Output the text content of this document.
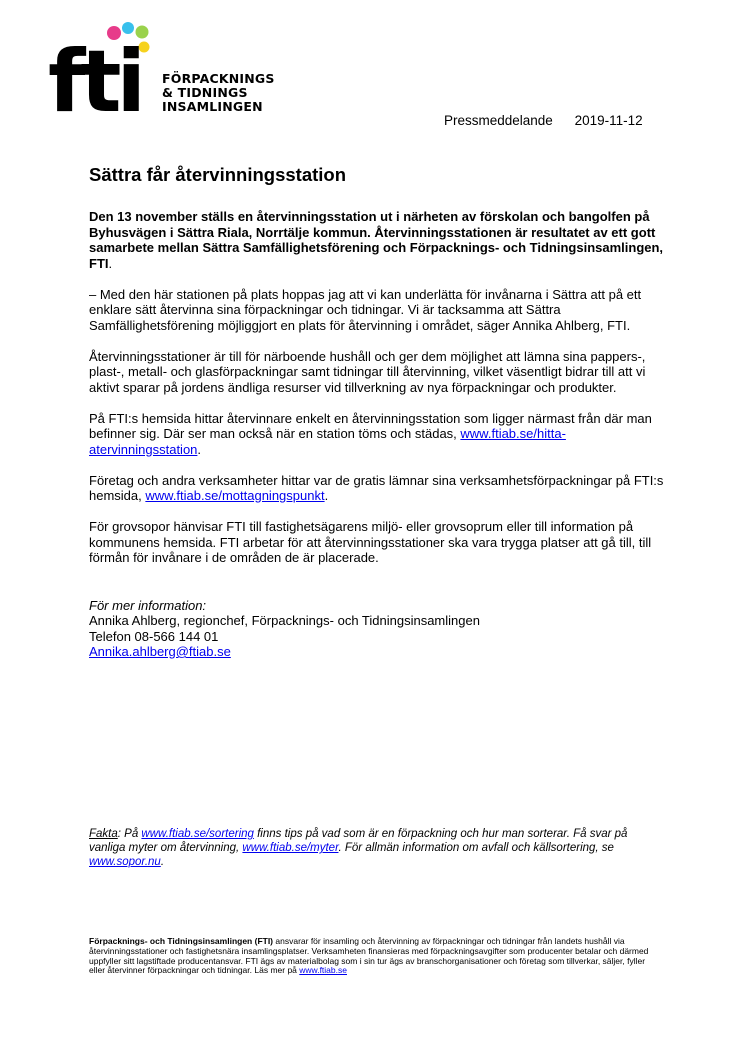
fti FÖRPACKNINGS
& TIDNINGS
INSAMLINGEN
Pressmeddelande 2019-11-12
Sättra får återvinningsstation

Den 13 november ställs en återvinningsstation ut i närheten av förskolan och bangolfen på Byhusvägen i Sättra Riala, Norrtälje kommun. Återvinningsstationen är resultatet av ett gott samarbete mellan Sättra Samfällighetsförening och Förpacknings- och Tidningsinsamlingen, FTI.

– Med den här stationen på plats hoppas jag att vi kan underlätta för invånarna i Sättra att på ett enklare sätt återvinna sina förpackningar och tidningar. Vi är tacksamma att Sättra Samfällighetsförening möjliggjort en plats för återvinning i området, säger Annika Ahlberg, FTI.

Återvinningsstationer är till för närboende hushåll och ger dem möjlighet att lämna sina pappers-, plast-, metall- och glasförpackningar samt tidningar till återvinning, vilket väsentligt bidrar till att vi aktivt sparar på jordens ändliga resurser vid tillverkning av nya förpackningar och produkter.

På FTI:s hemsida hittar återvinnare enkelt en återvinningsstation som ligger närmast från där man befinner sig. Där ser man också när en station töms och städas, www.ftiab.se/hitta-atervinningsstation.

Företag och andra verksamheter hittar var de gratis lämnar sina verksamhetsförpackningar på FTI:s hemsida, www.ftiab.se/mottagningspunkt.

För grovsopor hänvisar FTI till fastighetsägarens miljö- eller grovsoprum eller till information på kommunens hemsida. FTI arbetar för att återvinningsstationer ska vara trygga platser att gå till, till förmån för invånare i de områden de är placerade.

För mer information:
Annika Ahlberg, regionchef, Förpacknings- och Tidningsinsamlingen
Telefon 08-566 144 01
Annika.ahlberg@ftiab.se
Fakta: På www.ftiab.se/sortering finns tips på vad som är en förpackning och hur man sorterar. Få svar på vanliga myter om återvinning, www.ftiab.se/myter. För allmän information om avfall och källsortering, se www.sopor.nu.
Förpacknings- och Tidningsinsamlingen (FTI) ansvarar för insamling och återvinning av förpackningar och tidningar från landets hushåll via återvinningsstationer och fastighetsnära insamlingsplatser. Verksamheten finansieras med förpackningsavgifter som producenter betalar och därmed uppfyller sitt lagstiftade producentansvar. FTI ägs av materialbolag som i sin tur ägs av branschorganisationer och företag som tillverkar, säljer, fyller eller återvinner förpackningar och tidningar. Läs mer på www.ftiab.se
